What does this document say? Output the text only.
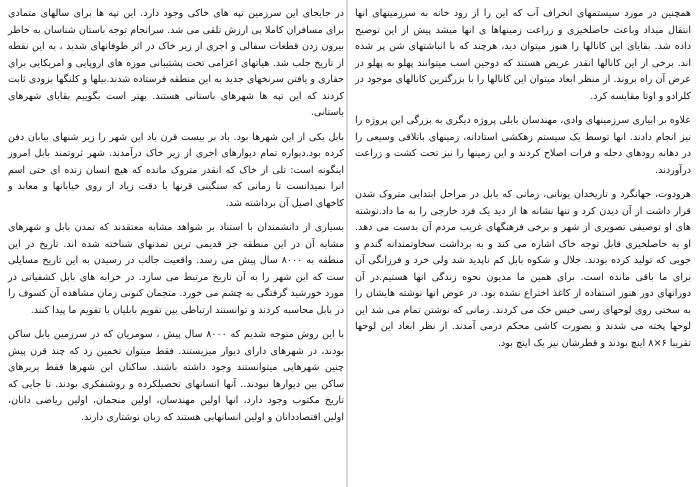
همچنین در مورد سیستمهای انحراف آب که این را از رود خانه به سرزمینهای انها انتقال میداد وباعث حاصلخیزی و زراعت زمینهاها ی انها میشد پیش از این توضیح داده شد. بقایای این کانالها را هنوز میتوان دید، هرچند که با انباشتهای شن پر شده اند. برخی از این کانالها انقدر عریض هستند که دوجین اسب میتوانند پهلو به پهلو در عرض آن راه بروند. از منظر ابعاد میتوان این کانالها را با بزرگترین کانالهای موجود در کلرادو و اوتا مقایسه کرد.

علاوه بر ابیاری سرزمینهای وادی، مهندسان بابلی پروژه دیگری به بزرگی این پروژه را نیز انجام دادند. انها توسط یک سیستم زهکشی استادانه، زمینهای باتلاقی وسیعی را در دهانه رودهای دجله و فرات اصلاح کردند و این زمینها را نیز تحت کشت و زراعت درآوردند.

هرودوت، جهانگرد و تاریخدان یونانی، زمانی که بابل در مراحل ابتدایی متروک شدن قرار داشت از آن دیدن کرد و تنها نشانه ها از دید یک فرد خارجی را به ما داد.نوشته های او توصیفی تصویری از شهر و برخی فرهنگهای غریب مردم آن بدست می دهد. او به حاصلخیزی قابل توجه خاک اشاره می کند و به برداشت سخاوتمندانه گندم و جویی که تولید کرده بودند. جلال و شکوه بابل کم ناپدید شد ولی خرد و فرزانگی آن برای ما باقی مانده است. برای همین ما مدیون نحوه زندگی انها هستیم.در آن دورانهای دور هنوز استفاده از کاغذ اختراع نشده بود. در عوض انها نوشته هایشان را به سختی روی لوحهای رسی خیس حک می کردند. زمانی که نوشتن تمام می شد این لوحها پخته می شدند و بصورت کاشی محکم درمی آمدند. از نظر ابعاد این لوحها تقریبا ۶×۸ اینچ بودند و قطرشان نیز یک اینچ بود.

در جایجای این سرزمین تپه های خاکی وجود دارد. این تپه ها برای سالهای متمادی برای مسافران کاملا بی ارزش تلقی می شد. سرانجام توجه باستان شناسان به خاطر بیرون زدن قطعات سفالی و اجری از زیر خاک در اثر طوفانهای شدید ، به این نقطه از تاریخ جلب شد. هیاتهای اعزامی تحت پشتیبانی موزه های اروپایی و امریکایی برای حفاری و یافتن سرنخهای جدید به این منطقه فرستاده شدند.بیلها و کلنگها بزودی ثابت کردند که این تپه ها شهرهای باستانی هستند. بهتر است بگوییم بقایای شهرهای باستانی.

بابل یکی از این شهرها بود. باد بر بیست قرن باد این شهر را زیر شنهای بیابان دفن کرده بود.دیواره تمام دیوارهای اجری از زیر خاک درآمدند. شهر ثروتمند بابل امروز اینگونه است: تلی از خاک که انقدر متروک مانده که هیچ انسان زنده ای حتی اسم انرا نمیدانست تا زمانی که سنگینی قرنها با دقت زیاد از روی خیابانها و معابد و کاخهای اصیل آن برداشته شد.

بسیاری از دانشمندان با استناد بر شواهد مشابه معتقدند که تمدن بابل و شهرهای مشابه آن در این منطقه جز قدیمی ترین تمدنهای شناخته شده اند. تاریخ در این منطقه به ۸۰۰۰ سال پیش می رسد. واقعیت جالب در رسیدن به این تاریخ مسایلی ست که این شهر را به آن تاریخ مرتبط می سازد. در خرابه های بابل کشفیاتی در مورد خورشید گرفتگی به چشم می خورد. منجمان کنونی زمان مشاهده آن کسوف را در بابل محاسبه کردند و توانستند ارتباطی بین تقویم بابلیان با تقویم ما پیدا کنند.

با این روش متوجه شدیم که ۸۰۰۰ سال پیش ، سومریان که در سرزمین بابل ساکن بودند، در شهرهای دارای دیوار میزیستند. فقط میتوان تخمین زد که چند قرن پیش چنین شهرهایی میتوانستند وجود داشته باشند. ساکنان این شهرها فقط بربرهای ساکن بین دیوارها نبودند.. آنها انسانهای تحصیلکرده و روشنفکری بودند. تا جایی که تاریخ مکتوب وجود دارد، انها اولین مهندسان، اولین منجمان، اولین ریاضی دانان، اولین اقتصاددانان و اولین انسانهایی هستند که زبان نوشتاری دارند.
